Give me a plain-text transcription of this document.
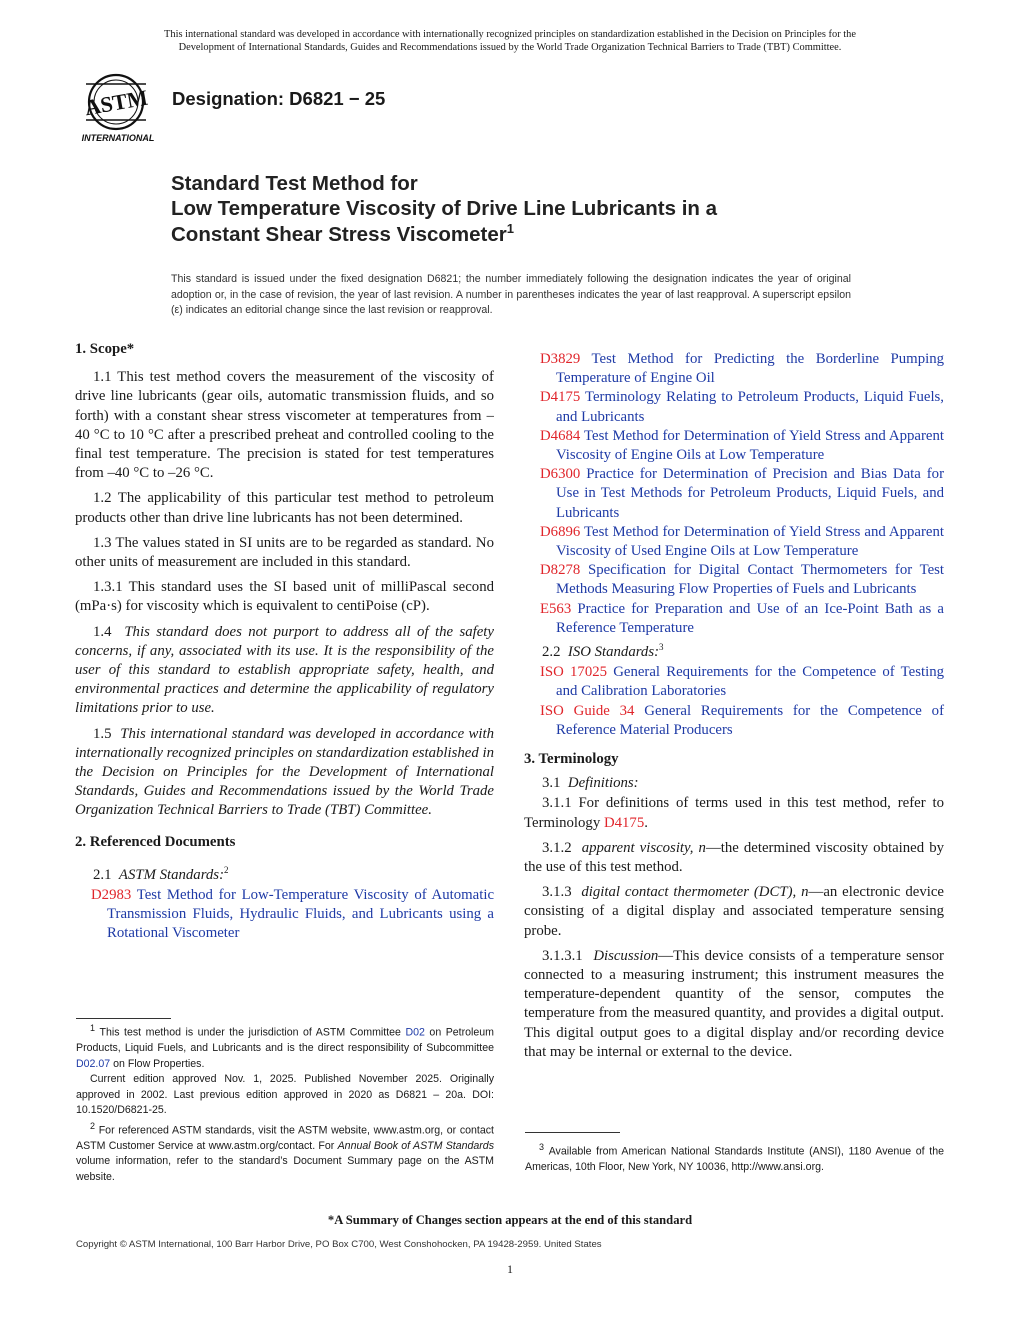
This international standard was developed in accordance with internationally recognized principles on standardization established in the Decision on Principles for the
Development of International Standards, Guides and Recommendations issued by the World Trade Organization Technical Barriers to Trade (TBT) Committee.
ASTM
INTERNATIONAL
Designation: D6821 − 25
Standard Test Method for
Low Temperature Viscosity of Drive Line Lubricants in a
Constant Shear Stress Viscometer$^1$
This standard is issued under the fixed designation D6821; the number immediately following the designation indicates the year of original adoption or, in the case of revision, the year of last revision. A number in parentheses indicates the year of last reapproval. A superscript epsilon (ε) indicates an editorial change since the last revision or reapproval.
1. Scope*
1.1 This test method covers the measurement of the viscosity of drive line lubricants (gear oils, automatic transmission fluids, and so forth) with a constant shear stress viscometer at temperatures from –40 °C to 10 °C after a prescribed preheat and controlled cooling to the final test temperature. The precision is stated for test temperatures from –40 °C to –26 °C.
1.2 The applicability of this particular test method to petroleum products other than drive line lubricants has not been determined.
1.3 The values stated in SI units are to be regarded as standard. No other units of measurement are included in this standard.
1.3.1 This standard uses the SI based unit of milliPascal second (mPa·s) for viscosity which is equivalent to centiPoise (cP).
1.4 This standard does not purport to address all of the safety concerns, if any, associated with its use. It is the responsibility of the user of this standard to establish appropriate safety, health, and environmental practices and determine the applicability of regulatory limitations prior to use.
1.5 This international standard was developed in accordance with internationally recognized principles on standardization established in the Decision on Principles for the Development of International Standards, Guides and Recommendations issued by the World Trade Organization Technical Barriers to Trade (TBT) Committee.
2. Referenced Documents
2.1 ASTM Standards:$^2$
D2983 Test Method for Low-Temperature Viscosity of Automatic Transmission Fluids, Hydraulic Fluids, and Lubricants using a Rotational Viscometer
$^1$ This test method is under the jurisdiction of ASTM Committee D02 on Petroleum Products, Liquid Fuels, and Lubricants and is the direct responsibility of Subcommittee D02.07 on Flow Properties.
Current edition approved Nov. 1, 2025. Published November 2025. Originally approved in 2002. Last previous edition approved in 2020 as D6821 – 20a. DOI: 10.1520/D6821-25.
$^2$ For referenced ASTM standards, visit the ASTM website, www.astm.org, or contact ASTM Customer Service at www.astm.org/contact. For Annual Book of ASTM Standards volume information, refer to the standard’s Document Summary page on the ASTM website.
D3829 Test Method for Predicting the Borderline Pumping Temperature of Engine Oil
D4175 Terminology Relating to Petroleum Products, Liquid Fuels, and Lubricants
D4684 Test Method for Determination of Yield Stress and Apparent Viscosity of Engine Oils at Low Temperature
D6300 Practice for Determination of Precision and Bias Data for Use in Test Methods for Petroleum Products, Liquid Fuels, and Lubricants
D6896 Test Method for Determination of Yield Stress and Apparent Viscosity of Used Engine Oils at Low Temperature
D8278 Specification for Digital Contact Thermometers for Test Methods Measuring Flow Properties of Fuels and Lubricants
E563 Practice for Preparation and Use of an Ice-Point Bath as a Reference Temperature
2.2 ISO Standards:$^3$
ISO 17025 General Requirements for the Competence of Testing and Calibration Laboratories
ISO Guide 34 General Requirements for the Competence of Reference Material Producers
3. Terminology
3.1 Definitions:
3.1.1 For definitions of terms used in this test method, refer to Terminology D4175.
3.1.2 apparent viscosity, n—the determined viscosity obtained by the use of this test method.
3.1.3 digital contact thermometer (DCT), n—an electronic device consisting of a digital display and associated temperature sensing probe.
3.1.3.1 Discussion—This device consists of a temperature sensor connected to a measuring instrument; this instrument measures the temperature-dependent quantity of the sensor, computes the temperature from the measured quantity, and provides a digital output. This digital output goes to a digital display and/or recording device that may be internal or external to the device.
$^3$ Available from American National Standards Institute (ANSI), 1180 Avenue of the Americas, 10th Floor, New York, NY 10036, http://www.ansi.org.
*A Summary of Changes section appears at the end of this standard
Copyright © ASTM International, 100 Barr Harbor Drive, PO Box C700, West Conshohocken, PA 19428-2959. United States
1
